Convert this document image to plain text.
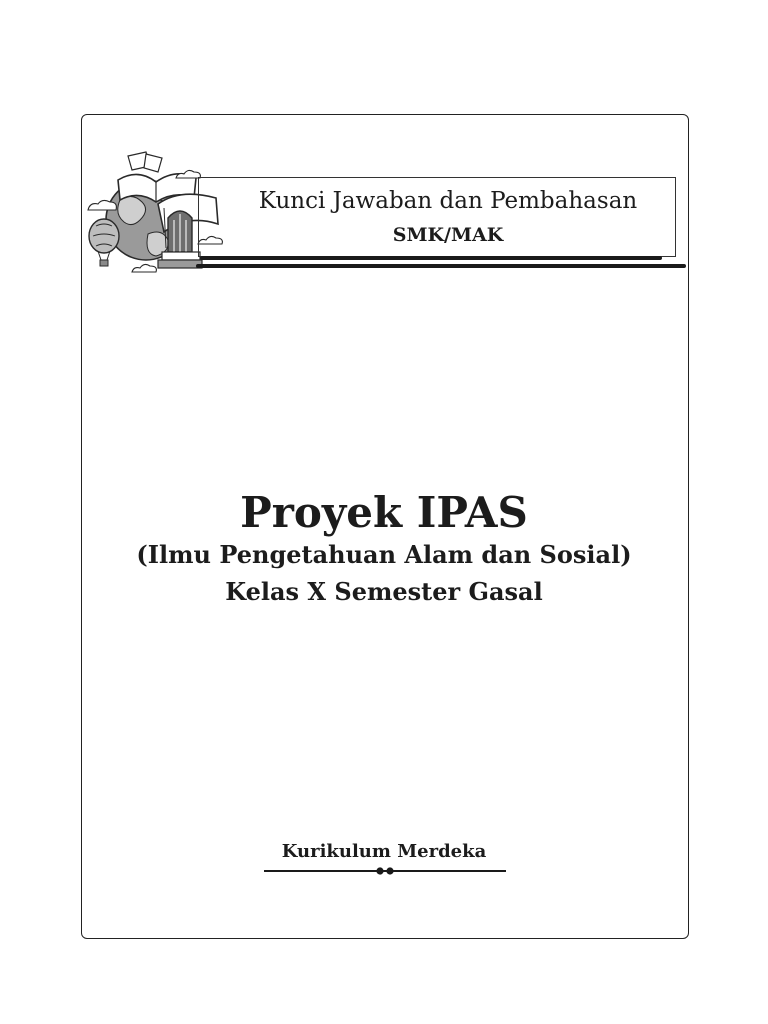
Kunci Jawaban dan Pembahasan
SMK/MAK
Proyek IPAS
(Ilmu Pengetahuan Alam dan Sosial)
Kelas X Semester Gasal
Kurikulum Merdeka
